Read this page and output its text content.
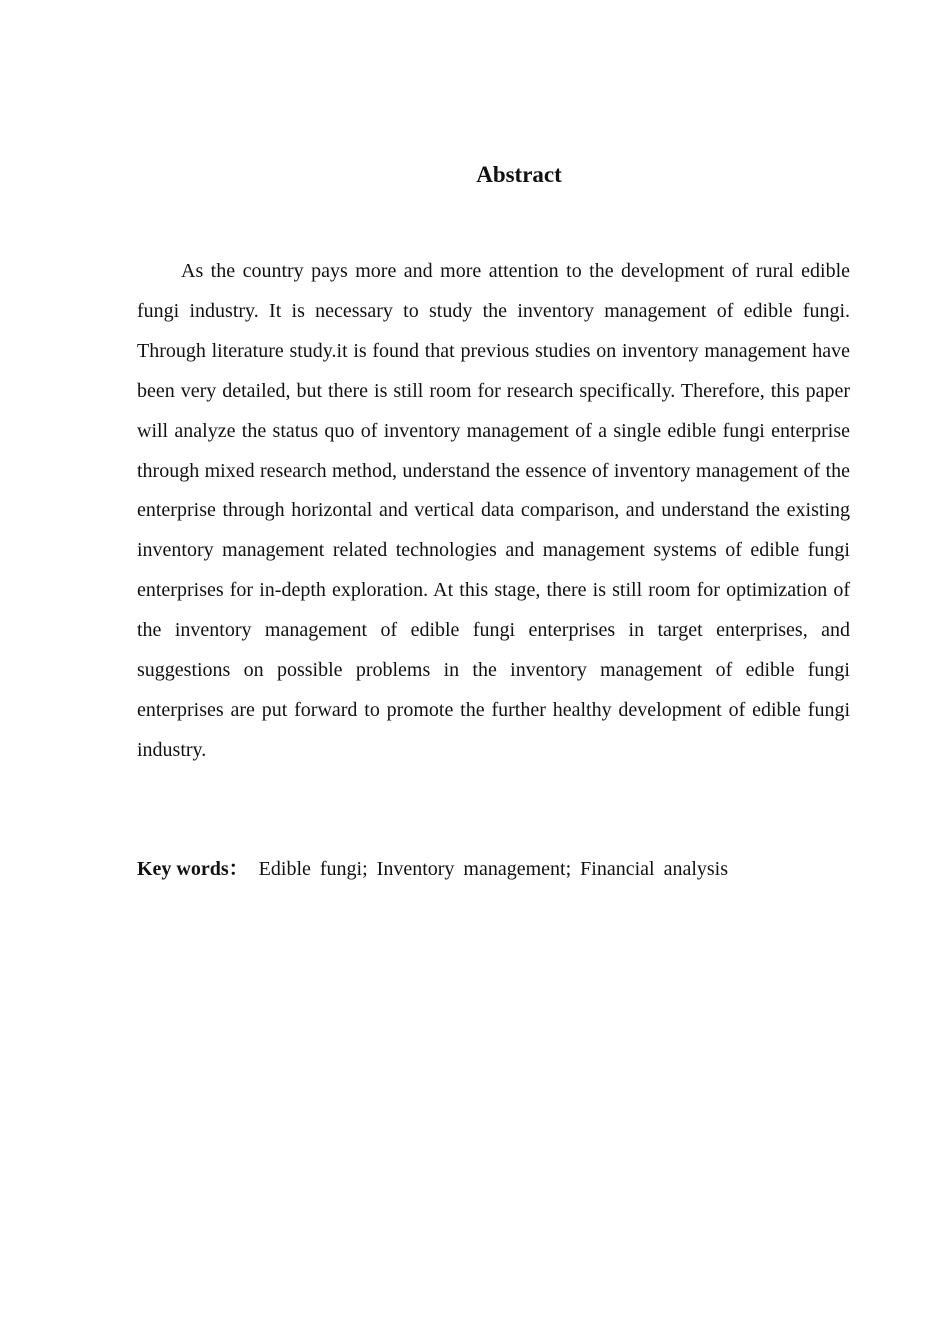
Abstract

As the country pays more and more attention to the development of rural edible fungi industry. It is necessary to study the inventory management of edible fungi. Through literature study.it is found that previous studies on inventory management have been very detailed, but there is still room for research specifically. Therefore, this paper will analyze the status quo of inventory management of a single edible fungi enterprise through mixed research method, understand the essence of inventory management of the enterprise through horizontal and vertical data comparison, and understand the existing inventory management related technologies and management systems of edible fungi enterprises for in-depth exploration. At this stage, there is still room for optimization of the inventory management of edible fungi enterprises in target enterprises, and suggestions on possible problems in the inventory management of edible fungi enterprises are put forward to promote the further healthy development of edible fungi industry.

Key words： Edible fungi; Inventory management; Financial analysis
